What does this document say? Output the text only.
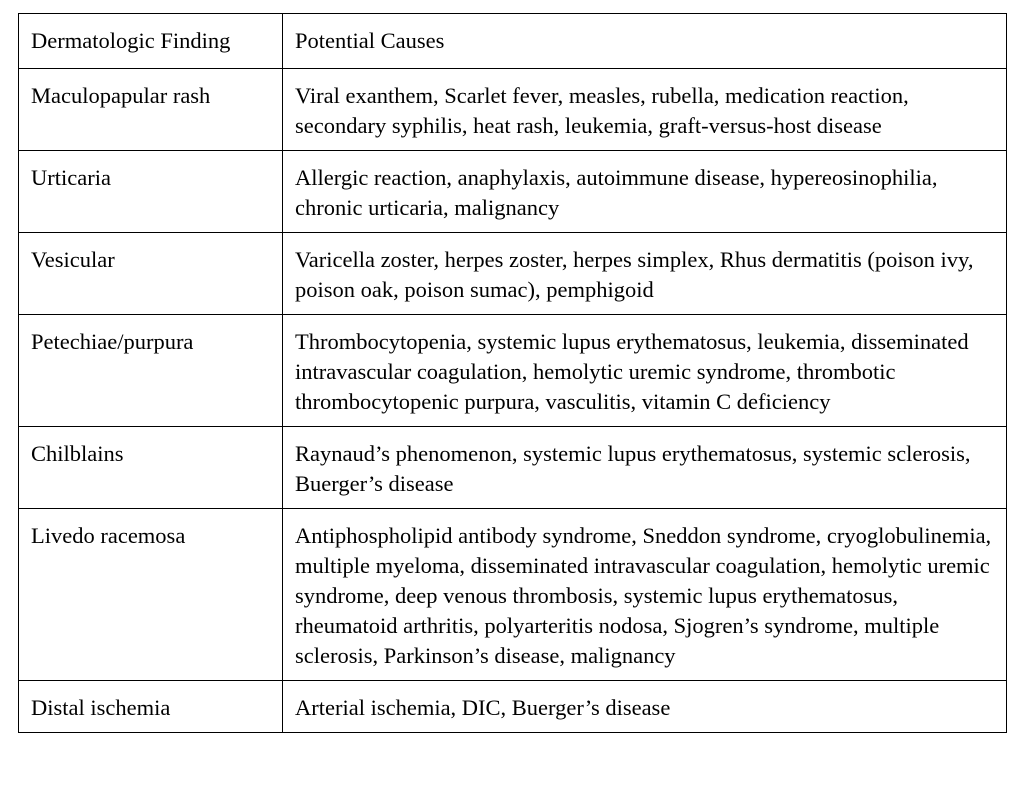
Dermatologic Finding	Potential Causes
Maculopapular rash	Viral exanthem, Scarlet fever, measles, rubella, medication reaction, secondary syphilis, heat rash, leukemia, graft-versus-host disease
Urticaria	Allergic reaction, anaphylaxis, autoimmune disease, hypereosinophilia, chronic urticaria, malignancy
Vesicular	Varicella zoster, herpes zoster, herpes simplex, Rhus dermatitis (poison ivy, poison oak, poison sumac), pemphigoid
Petechiae/purpura	Thrombocytopenia, systemic lupus erythematosus, leukemia, disseminated intravascular coagulation, hemolytic uremic syndrome, thrombotic thrombocytopenic purpura, vasculitis, vitamin C deficiency
Chilblains	Raynaud’s phenomenon, systemic lupus erythematosus, systemic sclerosis, Buerger’s disease
Livedo racemosa	Antiphospholipid antibody syndrome, Sneddon syndrome, cryoglobulinemia, multiple myeloma, disseminated intravascular coagulation, hemolytic uremic syndrome, deep venous thrombosis, systemic lupus erythematosus, rheumatoid arthritis, polyarteritis nodosa, Sjogren’s syndrome, multiple sclerosis, Parkinson’s disease, malignancy
Distal ischemia	Arterial ischemia, DIC, Buerger’s disease
